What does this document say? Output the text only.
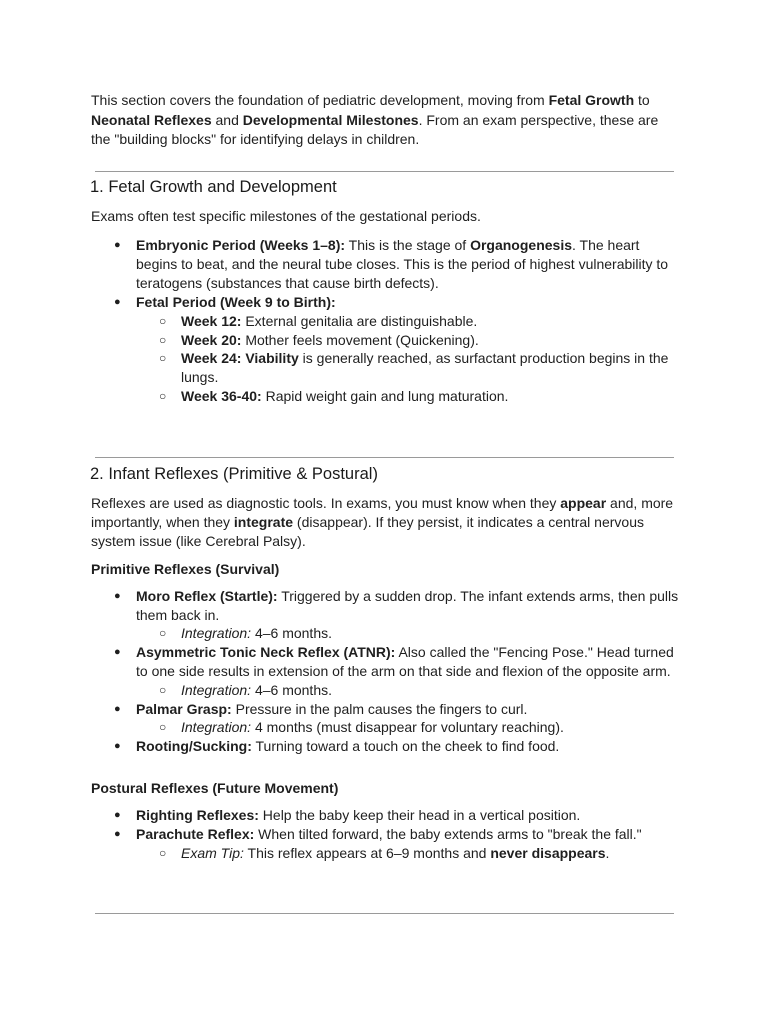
This section covers the foundation of pediatric development, moving from Fetal Growth to Neonatal Reflexes and Developmental Milestones. From an exam perspective, these are the "building blocks" for identifying delays in children.

1. Fetal Growth and Development

Exams often test specific milestones of the gestational periods.

● Embryonic Period (Weeks 1–8): This is the stage of Organogenesis. The heart begins to beat, and the neural tube closes. This is the period of highest vulnerability to teratogens (substances that cause birth defects).

● Fetal Period (Week 9 to Birth):

○ Week 12: External genitalia are distinguishable.

○ Week 20: Mother feels movement (Quickening).

○ Week 24: Viability is generally reached, as surfactant production begins in the lungs.

○ Week 36-40: Rapid weight gain and lung maturation.

2. Infant Reflexes (Primitive & Postural)

Reflexes are used as diagnostic tools. In exams, you must know when they appear and, more importantly, when they integrate (disappear). If they persist, it indicates a central nervous system issue (like Cerebral Palsy).

Primitive Reflexes (Survival)

● Moro Reflex (Startle): Triggered by a sudden drop. The infant extends arms, then pulls them back in.

○ Integration: 4–6 months.

● Asymmetric Tonic Neck Reflex (ATNR): Also called the "Fencing Pose." Head turned to one side results in extension of the arm on that side and flexion of the opposite arm.

○ Integration: 4–6 months.

● Palmar Grasp: Pressure in the palm causes the fingers to curl.

○ Integration: 4 months (must disappear for voluntary reaching).

● Rooting/Sucking: Turning toward a touch on the cheek to find food.

Postural Reflexes (Future Movement)

● Righting Reflexes: Help the baby keep their head in a vertical position.

● Parachute Reflex: When tilted forward, the baby extends arms to "break the fall."

○ Exam Tip: This reflex appears at 6–9 months and never disappears.
